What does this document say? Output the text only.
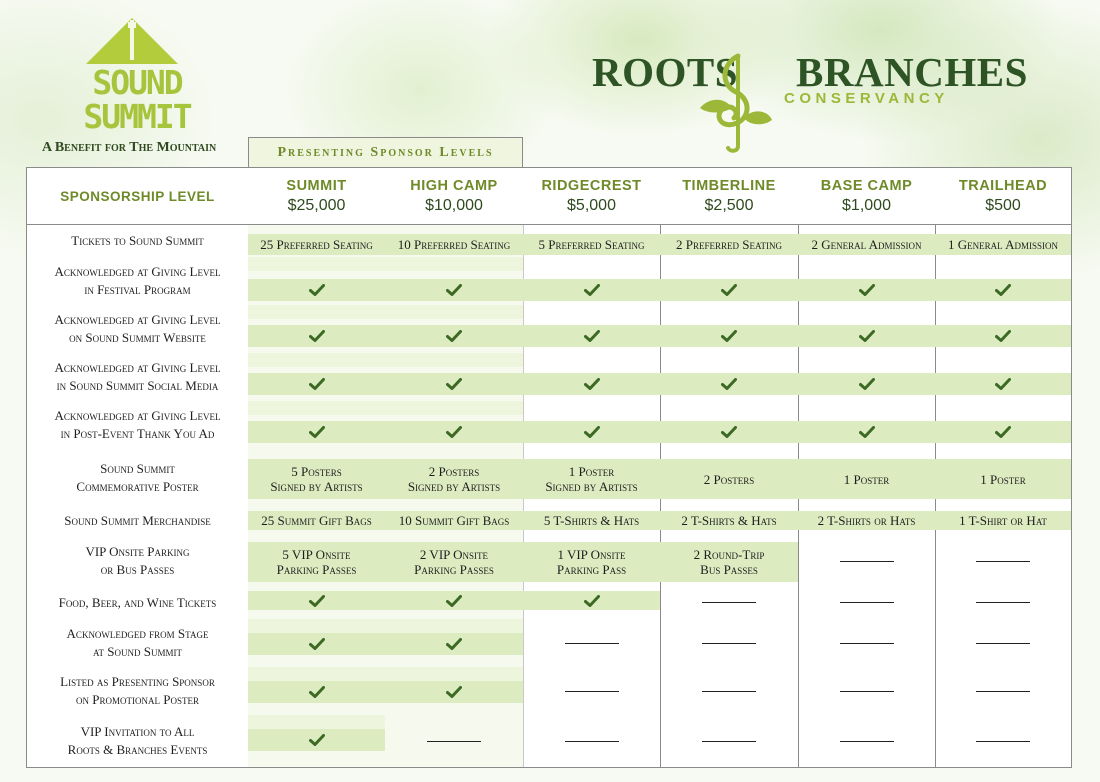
SOUND
SUMMIT
A Benefit for The Mountain
ROOTS BRANCHES
CONSERVANCY
Presenting Sponsor Levels
SPONSORSHIP LEVEL
Tickets to Sound Summit
Acknowledged at Giving Level
in Festival Program
Acknowledged at Giving Level
on Sound Summit Website
Acknowledged at Giving Level
in Sound Summit Social Media
Acknowledged at Giving Level
in Post-Event Thank You Ad
Sound Summit
Commemorative Poster
Sound Summit Merchandise
VIP Onsite Parking
or Bus Passes
Food, Beer, and Wine Tickets
Acknowledged from Stage
at Sound Summit
Listed as Presenting Sponsor
on Promotional Poster
VIP Invitation to All
Roots & Branches Events
SUMMIT
$25,000
25 Preferred Seating
5 Posters
Signed by Artists
25 Summit Gift Bags
5 VIP Onsite
Parking Passes
HIGH CAMP
$10,000
10 Preferred Seating
2 Posters
Signed by Artists
10 Summit Gift Bags
2 VIP Onsite
Parking Passes
RIDGECREST
$5,000
5 Preferred Seating
1 Poster
Signed by Artists
5 T-Shirts & Hats
1 VIP Onsite
Parking Pass
TIMBERLINE
$2,500
2 Preferred Seating
2 Posters
2 T-Shirts & Hats
2 Round-Trip
Bus Passes
BASE CAMP
$1,000
2 General Admission
1 Poster
2 T-Shirts or Hats
TRAILHEAD
$500
1 General Admission
1 Poster
1 T-Shirt or Hat
